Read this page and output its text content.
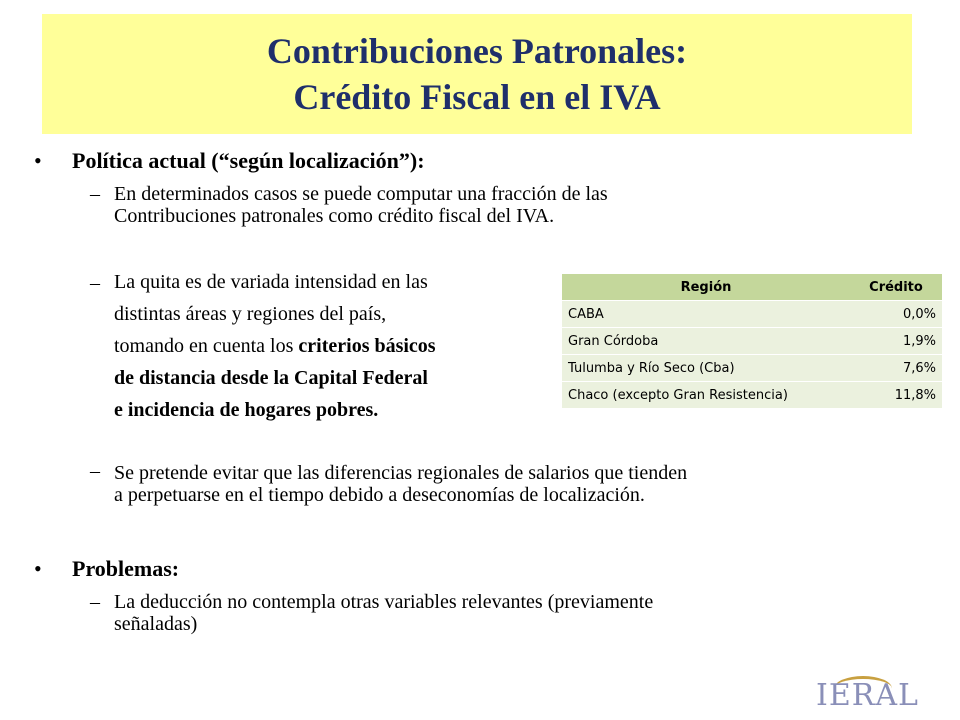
Contribuciones Patronales:
Crédito Fiscal en el IVA
• Política actual (“según localización”):
– En determinados casos se puede computar una fracción de las
Contribuciones patronales como crédito fiscal del IVA.
– La quita es de variada intensidad en las
distintas áreas y regiones del país,
tomando en cuenta los criterios básicos
de distancia desde la Capital Federal
e incidencia de hogares pobres.
Región	Crédito
CABA	0,0%
Gran Córdoba	1,9%
Tulumba y Río Seco (Cba)	7,6%
Chaco (excepto Gran Resistencia)	11,8%
– Se pretende evitar que las diferencias regionales de salarios que tienden
a perpetuarse en el tiempo debido a deseconomías de localización.
• Problemas:
– La deducción no contempla otras variables relevantes (previamente
señaladas)
IERAL
